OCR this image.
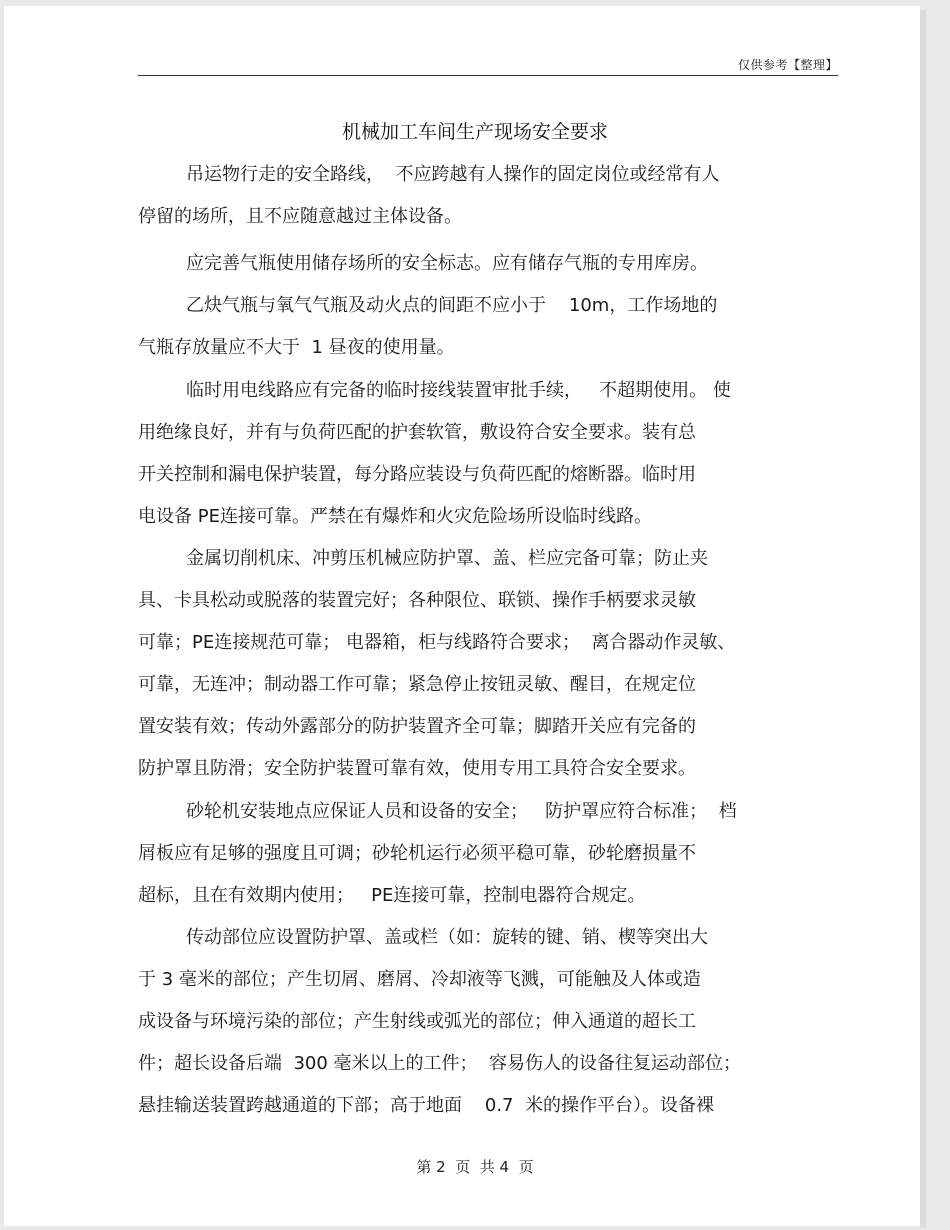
仅供参考【整理】
机械加工车间生产现场安全要求
吊运物行走的安全路线，  不应跨越有人操作的固定岗位或经常有人
停留的场所，且不应随意越过主体设备。
应完善气瓶使用储存场所的安全标志。应有储存气瓶的专用库房。
乙炔气瓶与氧气气瓶及动火点的间距不应小于    10m，工作场地的
气瓶存放量应不大于  1 昼夜的使用量。
临时用电线路应有完备的临时接线装置审批手续，   不超期使用。 使
用绝缘良好，并有与负荷匹配的护套软管，敷设符合安全要求。装有总
开关控制和漏电保护装置，每分路应装设与负荷匹配的熔断器。临时用
电设备 PE连接可靠。严禁在有爆炸和火灾危险场所设临时线路。
金属切削机床、冲剪压机械应防护罩、盖、栏应完备可靠；防止夹
具、卡具松动或脱落的装置完好；各种限位、联锁、操作手柄要求灵敏
可靠；PE连接规范可靠； 电器箱，柜与线路符合要求；  离合器动作灵敏、
可靠，无连冲；制动器工作可靠；紧急停止按钮灵敏、醒目，在规定位
置安装有效；传动外露部分的防护装置齐全可靠；脚踏开关应有完备的
防护罩且防滑；安全防护装置可靠有效，使用专用工具符合安全要求。
砂轮机安装地点应保证人员和设备的安全；   防护罩应符合标准；  档
屑板应有足够的强度且可调；砂轮机运行必须平稳可靠，砂轮磨损量不
超标，且在有效期内使用；   PE连接可靠，控制电器符合规定。
传动部位应设置防护罩、盖或栏（如：旋转的键、销、楔等突出大
于 3 毫米的部位；产生切屑、磨屑、冷却液等飞溅，可能触及人体或造
成设备与环境污染的部位；产生射线或弧光的部位；伸入通道的超长工
件；超长设备后端  300 毫米以上的工件；  容易伤人的设备往复运动部位；
悬挂输送装置跨越通道的下部；高于地面    0.7  米的操作平台）。设备裸
第 2  页  共 4  页
